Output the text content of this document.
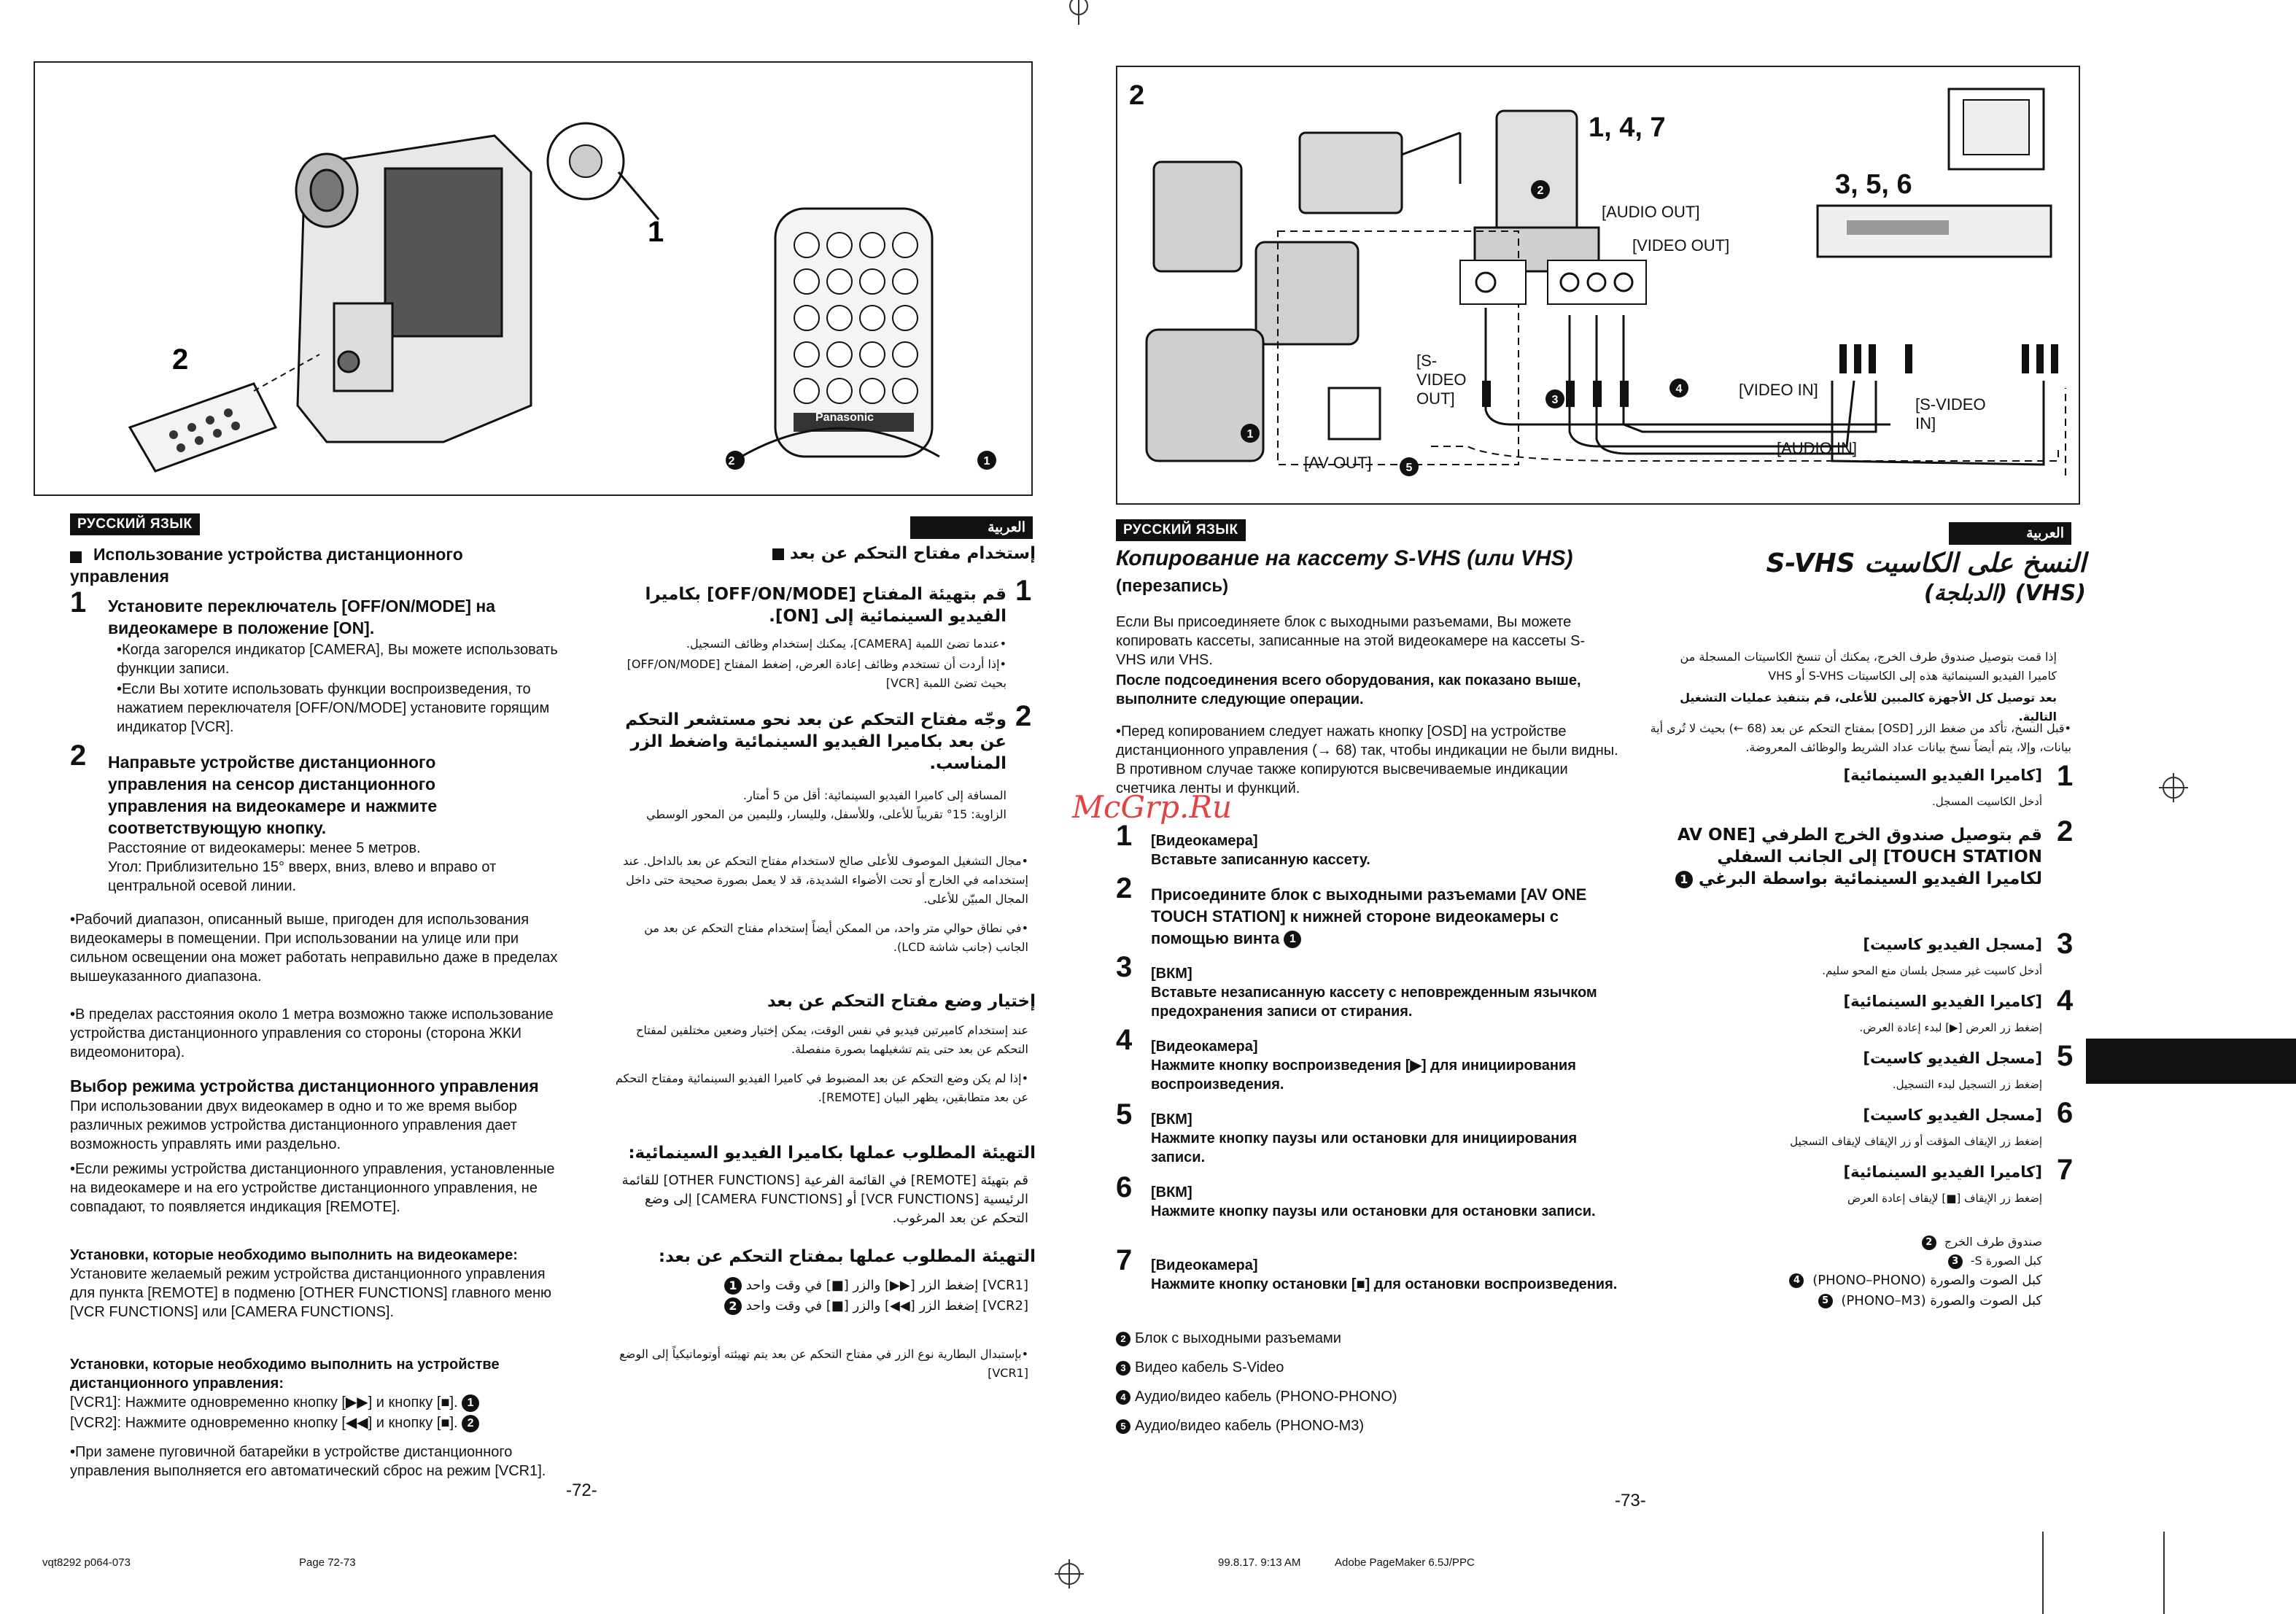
1
2
2	1
Panasonic
РУССКИЙ ЯЗЫК	العربية
Использование устройства дистанционного управления
1 Установите переключатель [OFF/ON/MODE] на видеокамере в положение [ON].
•Когда загорелся индикатор [CAMERA], Вы можете использовать функции записи.
•Если Вы хотите использовать функции воспроизведения, то нажатием переключателя [OFF/ON/MODE] установите горящим индикатор [VCR].
2 Направьте устройстве дистанционного управления на сенсор дистанционного управления на видеокамере и нажмите соответствующую кнопку.
Расстояние от видеокамеры: менее 5 метров.
Угол: Приблизительно 15° вверх, вниз, влево и вправо от центральной осевой линии.
•Рабочий диапазон, описанный выше, пригоден для использования видеокамеры в помещении. При использовании на улице или при сильном освещении она может работать неправильно даже в пределах вышеуказанного диапазона.
•В пределах расстояния около 1 метра возможно также использование устройства дистанционного управления со стороны (сторона ЖКИ видеомонитора).
Выбор режима устройства дистанционного управления
При использовании двух видеокамер в одно и то же время выбор различных режимов устройства дистанционного управления дает возможность управлять ими раздельно.
•Если режимы устройства дистанционного управления, установленные на видеокамере и на его устройстве дистанционного управления, не совпадают, то появляется индикация [REMOTE].
Установки, которые необходимо выполнить на видеокамере:
Установите желаемый режим устройства дистанционного управления для пункта [REMOTE] в подменю [OTHER FUNCTIONS] главного меню [VCR FUNCTIONS] или [CAMERA FUNCTIONS].
Установки, которые необходимо выполнить на устройстве дистанционного управления:
[VCR1]: Нажмите одновременно кнопку [▶▶] и кнопку [■]. 1
[VCR2]: Нажмите одновременно кнопку [◀◀] и кнопку [■]. 2
•При замене пуговичной батарейки в устройстве дистанционного управления выполняется его автоматический сброс на режим [VCR1].
-72-
إستخدام مفتاح التحكم عن بعد
1
قم بتهيئة المفتاح [OFF/ON/MODE] بكاميرا الفيديو السينمائية إلى [ON].
•عندما تضئ اللمبة [CAMERA]، يمكنك إستخدام وظائف التسجيل.
•إذا أردت أن تستخدم وظائف إعادة العرض، إضغط المفتاح [OFF/ON/MODE] بحيث تضئ اللمبة [VCR]
2
وجّه مفتاح التحكم عن بعد نحو مستشعر التحكم عن بعد بكاميرا الفيديو السينمائية واضغط الزر المناسب.
المسافة إلى كاميرا الفيديو السينمائية: أقل من 5 أمتار.
الزاوية: 15° تقريباً للأعلى، وللأسفل، ولليسار، ولليمين من المحور الوسطي
•مجال التشغيل الموصوف للأعلى صالح لاستخدام مفتاح التحكم عن بعد بالداخل. عند إستخدامه في الخارج أو تحت الأضواء الشديدة، قد لا يعمل بصورة صحيحة حتى داخل المجال المبيّن للأعلى.
•في نطاق حوالي متر واحد، من الممكن أيضاً إستخدام مفتاح التحكم عن بعد من الجانب (جانب شاشة LCD).
إختيار وضع مفتاح التحكم عن بعد
عند إستخدام كاميرتين فيديو في نفس الوقت، يمكن إختيار وضعين مختلفين لمفتاح التحكم عن بعد حتى يتم تشغيلهما بصورة منفصلة.
•إذا لم يكن وضع التحكم عن بعد المضبوط في كاميرا الفيديو السينمائية ومفتاح التحكم عن بعد متطابقين، يظهر البيان [REMOTE].
التهيئة المطلوب عملها بكاميرا الفيديو السينمائية:
قم بتهيئة [REMOTE] في القائمة الفرعية [OTHER FUNCTIONS] للقائمة الرئيسية [VCR FUNCTIONS] أو [CAMERA FUNCTIONS] إلى وضع التحكم عن بعد المرغوب.
التهيئة المطلوب عملها بمفتاح التحكم عن بعد:
[VCR1] إضغط الزر [▶▶] والزر [■] في وقت واحد 1
[VCR2] إضغط الزر [◀◀] والزر [■] في وقت واحد 2
•بإستبدال البطارية نوع الزر في مفتاح التحكم عن بعد يتم تهيئته أوتوماتيكياً إلى الوضع [VCR1]
2
3
4
5
1
2
1, 4, 7
3, 5, 6
[AUDIO OUT]
[VIDEO OUT]
[S-VIDEO OUT]
[AV OUT]
[VIDEO IN]
[S-VIDEO IN]
[AUDIO IN]
РУССКИЙ ЯЗЫК	العربية
Копирование на кассету S-VHS (или VHS) (перезапись)
Если Вы присоединяете блок с выходными разъемами, Вы можете копировать кассеты, записанные на этой видеокамере на кассеты S-VHS или VHS.
После подсоединения всего оборудования, как показано выше, выполните следующие операции.
•Перед копированием следует нажать кнопку [OSD] на устройстве дистанционного управления (→ 68) так, чтобы индикации не были видны. В противном случае также копируются высвечиваемые индикации счетчика ленты и функций.
1 [Видеокамера]
Вставьте записанную кассету.
2 Присоедините блок с выходными разъемами [AV ONE TOUCH STATION] к нижней стороне видеокамеры с помощью винта 1
3 [ВКМ]
Вставьте незаписанную кассету с неповрежденным язычком предохранения записи от стирания.
4 [Видеокамера]
Нажмите кнопку воспроизведения [▶] для инициирования воспроизведения.
5 [ВКМ]
Нажмите кнопку паузы или остановки для инициирования записи.
6 [ВКМ]
Нажмите кнопку паузы или остановки для остановки записи.
7 [Видеокамера]
Нажмите кнопку остановки [■] для остановки воспроизведения.
2 Блок с выходными разъемами
3 Видео кабель S-Video
4 Аудио/видео кабель (PHONO-PHONO)
5 Аудио/видео кабель (PHONO-M3)
-73-
النسخ على الكاسيت S-VHS
(VHS) (الدبلجة)
إذا قمت بتوصيل صندوق طرف الخرج، يمكنك أن تنسخ الكاسيتات المسجلة من كاميرا الفيديو السينمائية هذه إلى الكاسيتات S-VHS أو VHS
بعد توصيل كل الأجهزة كالمبين للأعلى، قم بتنفيذ عمليات التشغيل التالية.
•قبل النسخ، تأكد من ضغط الزر [OSD] بمفتاح التحكم عن بعد (68 ←) بحيث لا تُرى أية بيانات، وإلا، يتم أيضاً نسخ بيانات عداد الشريط والوظائف المعروضة.
1
[كاميرا الفيديو السينمائية]
أدخل الكاسيت المسجل.
2
قم بتوصيل صندوق الخرج الطرفي [AV ONE TOUCH STATION] إلى الجانب السفلي لكاميرا الفيديو السينمائية بواسطة البرغي 1
3
[مسجل الفيديو كاسيت]
أدخل كاسيت غير مسجل بلسان منع المحو سليم.
4
[كاميرا الفيديو السينمائية]
إضغط زر العرض [▶] لبدء إعادة العرض.
5
[مسجل الفيديو كاسيت]
إضغط زر التسجيل لبدء التسجيل.
6
[مسجل الفيديو كاسيت]
إضغط زر الإيقاف المؤقت أو زر الإيقاف لإيقاف التسجيل
7
[كاميرا الفيديو السينمائية]
إضغط زر الإيقاف [■] لإيقاف إعادة العرض
صندوق طرف الخرج 2
كبل الصورة S- 3
كبل الصوت والصورة (PHONO–PHONO) 4
كبل الصوت والصورة (PHONO–M3) 5
McGrp.Ru
vqt8292 p064-073	Page 72-73	99.8.17. 9:13 AM	Adobe PageMaker 6.5J/PPC
